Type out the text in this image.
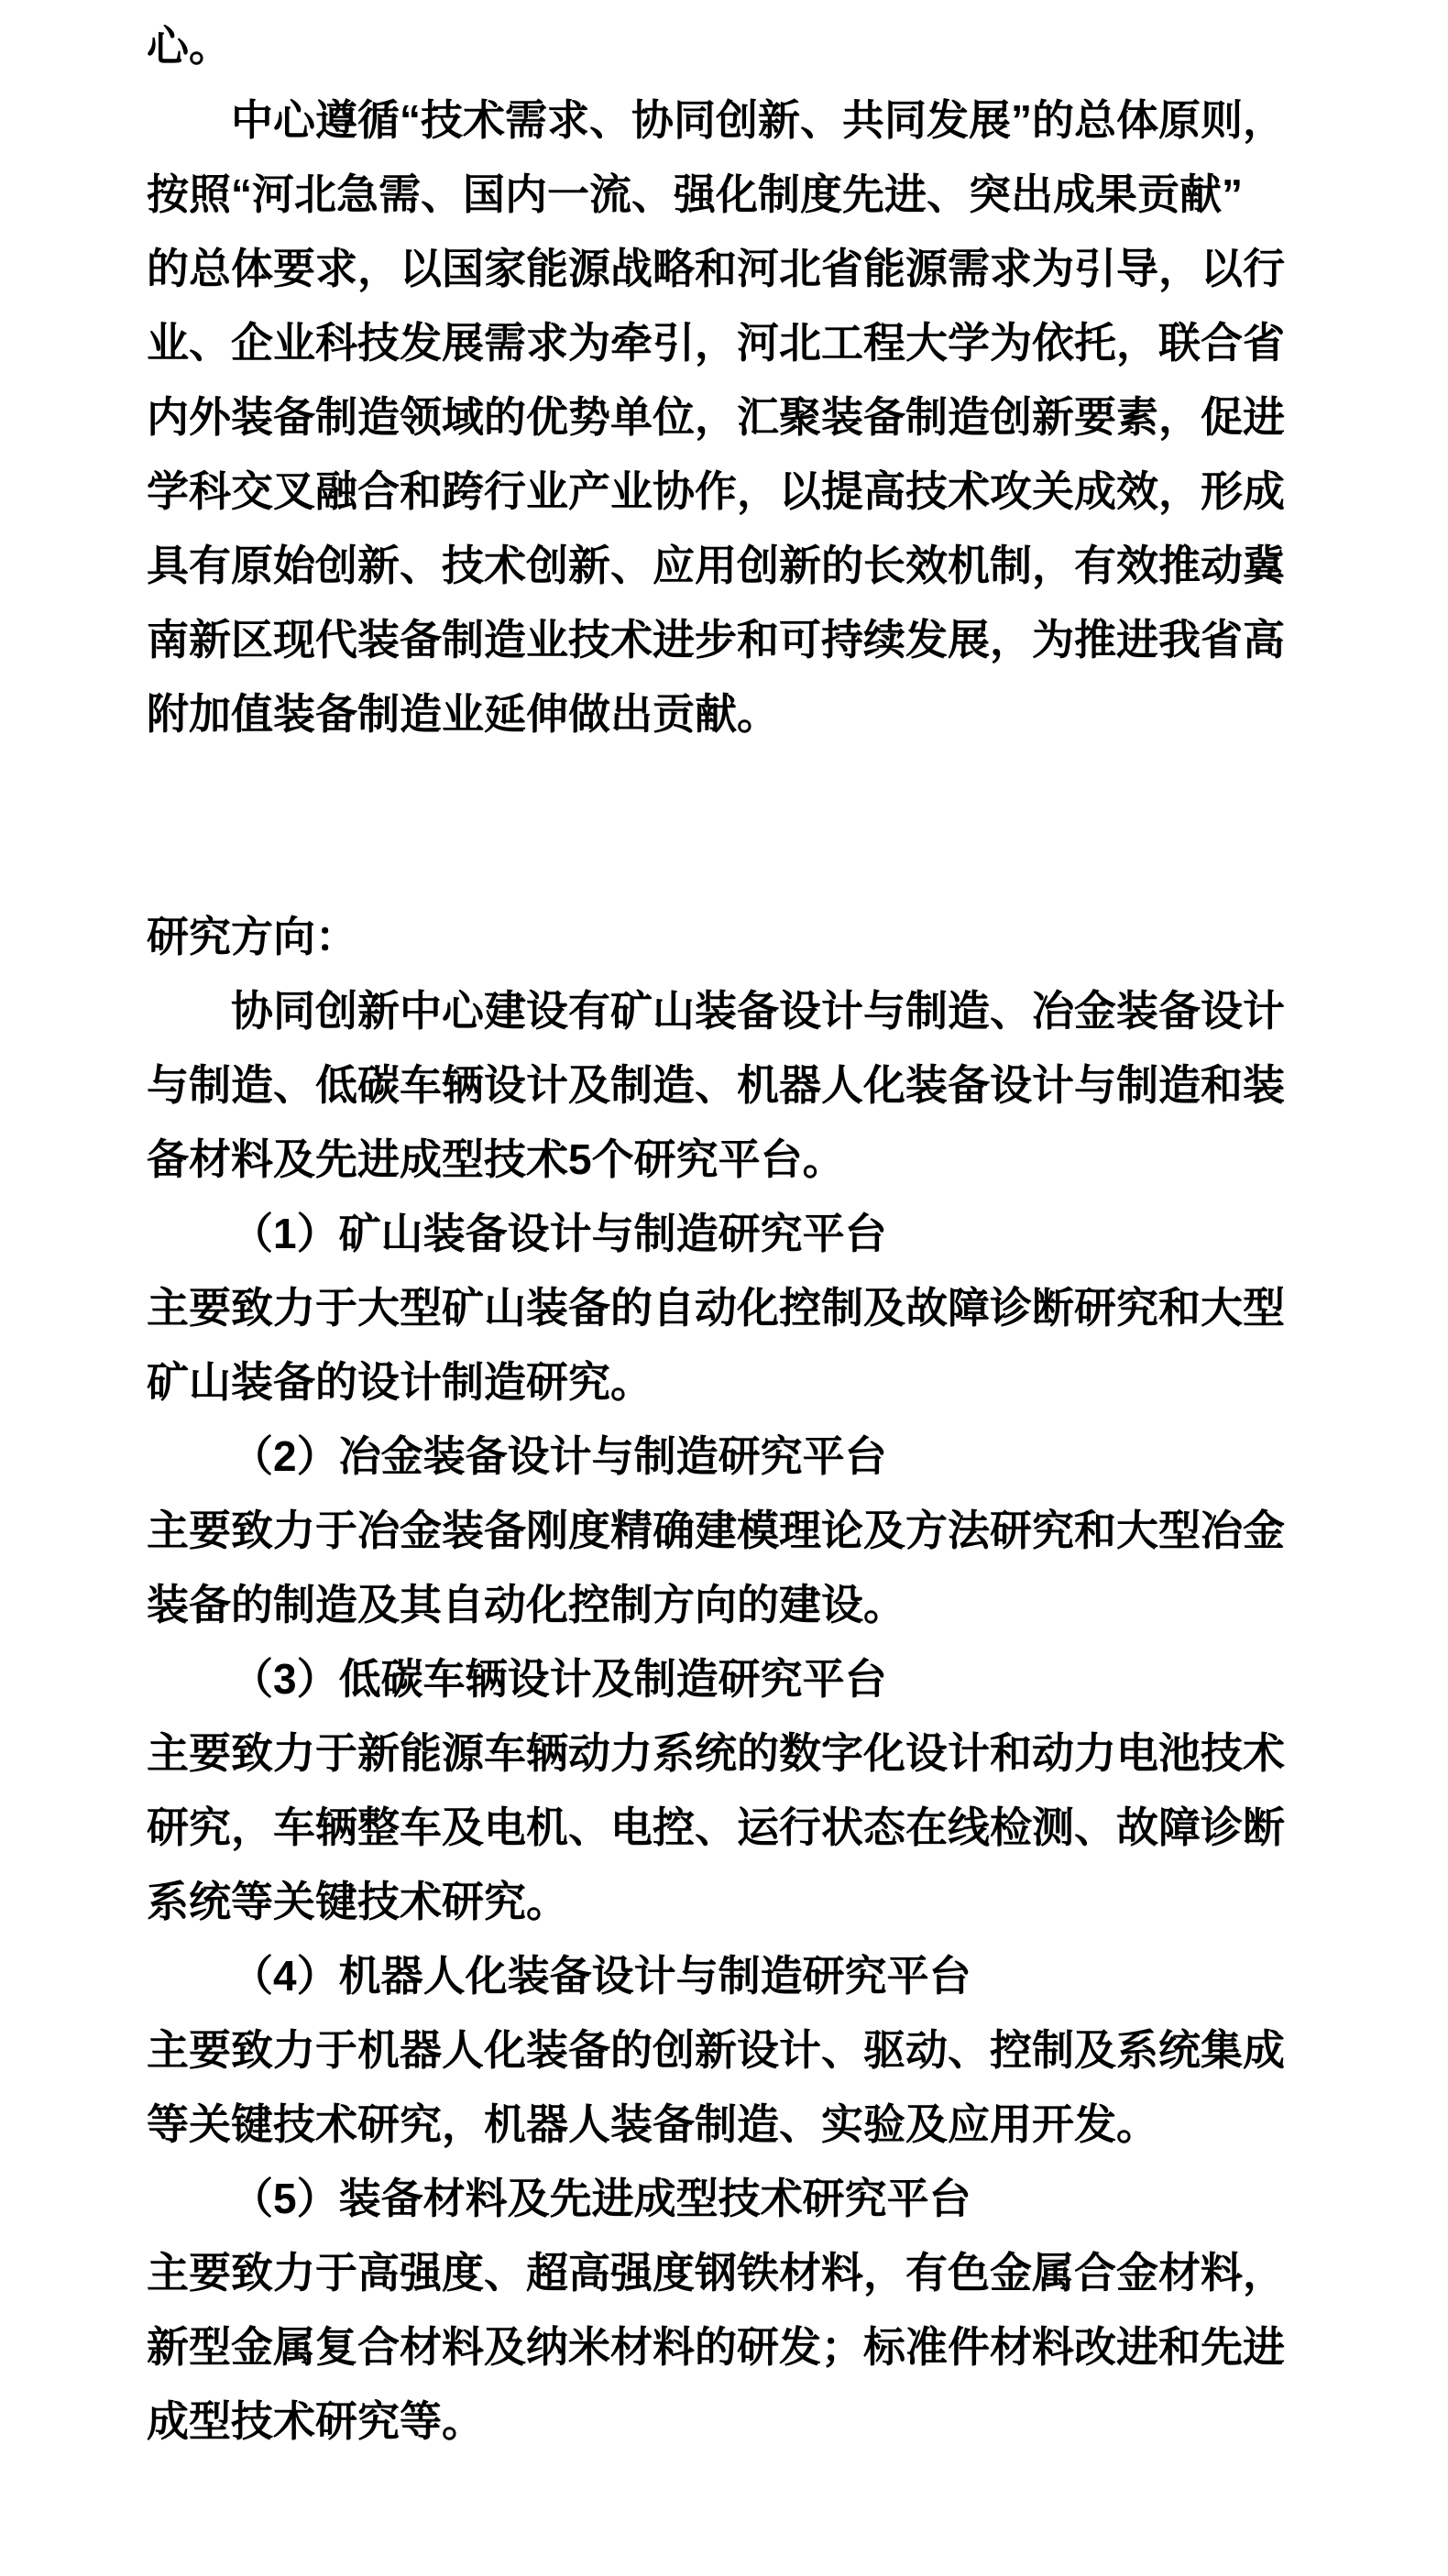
心。
中心遵循“技术需求、协同创新、共同发展”的总体原则，
按照“河北急需、国内一流、强化制度先进、突出成果贡献”
的总体要求，以国家能源战略和河北省能源需求为引导，以行
业、企业科技发展需求为牵引，河北工程大学为依托，联合省
内外装备制造领域的优势单位，汇聚装备制造创新要素，促进
学科交叉融合和跨行业产业协作，以提高技术攻关成效，形成
具有原始创新、技术创新、应用创新的长效机制，有效推动冀
南新区现代装备制造业技术进步和可持续发展，为推进我省高
附加值装备制造业延伸做出贡献。
研究方向：
协同创新中心建设有矿山装备设计与制造、冶金装备设计
与制造、低碳车辆设计及制造、机器人化装备设计与制造和装
备材料及先进成型技术5个研究平台。
（1）矿山装备设计与制造研究平台
主要致力于大型矿山装备的自动化控制及故障诊断研究和大型
矿山装备的设计制造研究。
（2）冶金装备设计与制造研究平台
主要致力于冶金装备刚度精确建模理论及方法研究和大型冶金
装备的制造及其自动化控制方向的建设。
（3）低碳车辆设计及制造研究平台
主要致力于新能源车辆动力系统的数字化设计和动力电池技术
研究，车辆整车及电机、电控、运行状态在线检测、故障诊断
系统等关键技术研究。
（4）机器人化装备设计与制造研究平台
主要致力于机器人化装备的创新设计、驱动、控制及系统集成
等关键技术研究，机器人装备制造、实验及应用开发。
（5）装备材料及先进成型技术研究平台
主要致力于高强度、超高强度钢铁材料，有色金属合金材料，
新型金属复合材料及纳米材料的研发；标准件材料改进和先进
成型技术研究等。
